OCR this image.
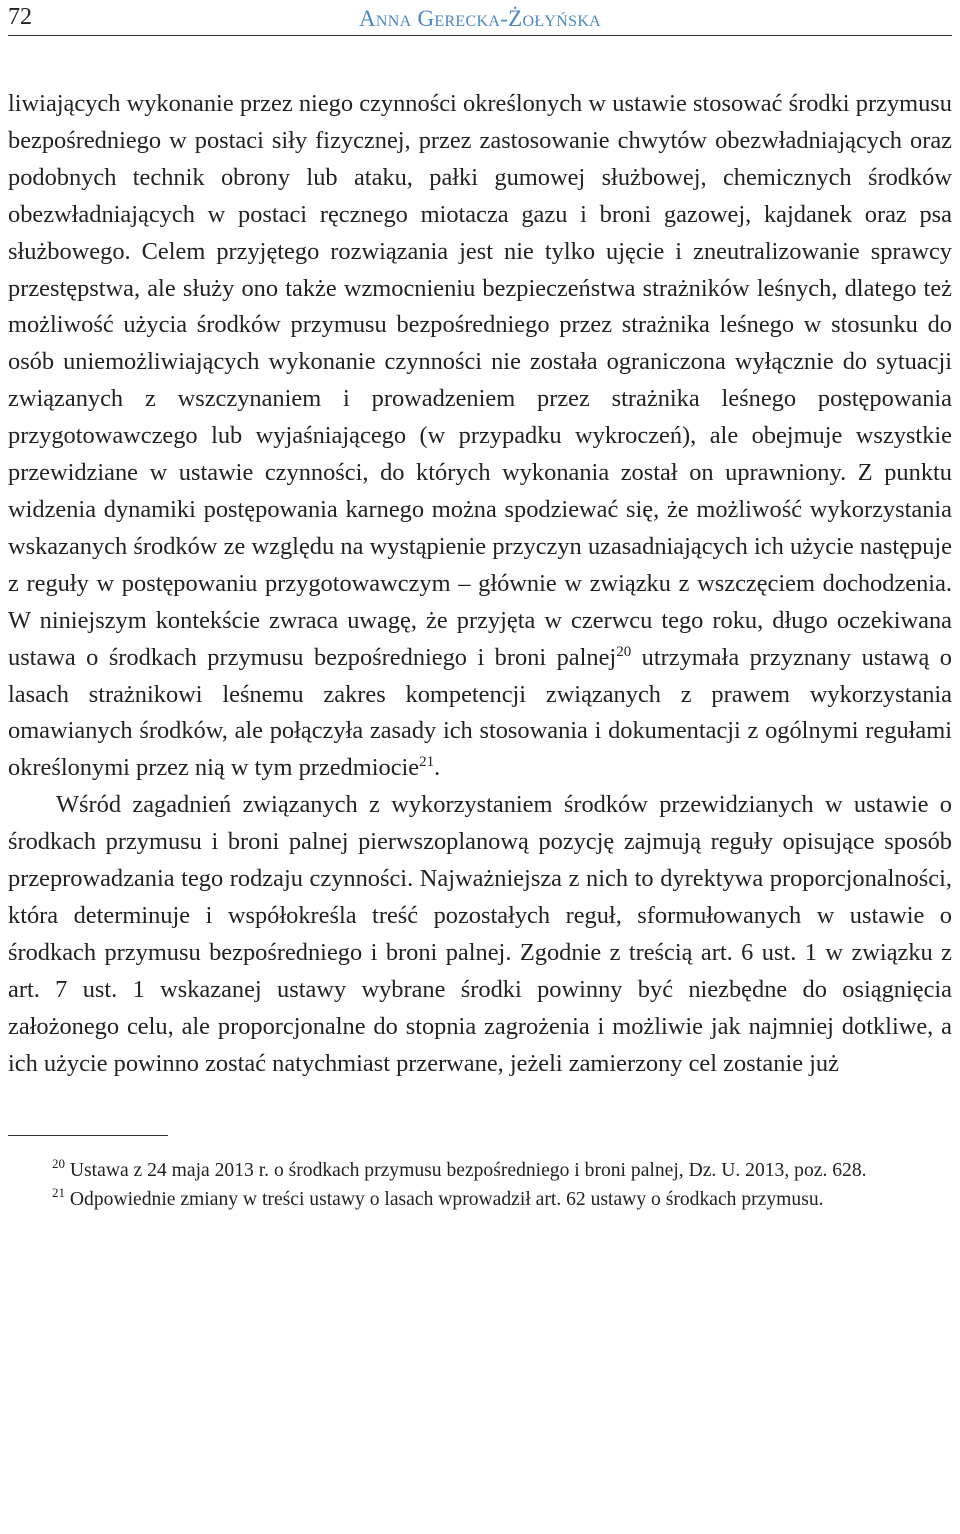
72	Anna Gerecka-Żołyńska

liwiających wykonanie przez niego czynności określonych w ustawie stosować środki przymusu bezpośredniego w postaci siły fizycznej, przez zastosowanie chwytów obezwładniających oraz podobnych technik obrony lub ataku, pałki gumowej służbowej, chemicznych środków obezwładniających w postaci ręcznego miotacza gazu i broni gazowej, kajdanek oraz psa służbowego. Celem przyjętego rozwiązania jest nie tylko ujęcie i zneutralizowanie sprawcy przestępstwa, ale służy ono także wzmocnieniu bezpieczeństwa strażników leśnych, dlatego też możliwość użycia środków przymusu bezpośredniego przez strażnika leśnego w stosunku do osób uniemożliwiających wykonanie czynności nie została ograniczona wyłącznie do sytuacji związanych z wszczynaniem i prowadzeniem przez strażnika leśnego postępowania przygotowawczego lub wyjaśniającego (w przypadku wykroczeń), ale obejmuje wszystkie przewidziane w ustawie czynności, do których wykonania został on uprawniony. Z punktu widzenia dynamiki postępowania karnego można spodziewać się, że możliwość wykorzystania wskazanych środków ze względu na wystąpienie przyczyn uzasadniających ich użycie następuje z reguły w postępowaniu przygotowawczym – głównie w związku z wszczęciem dochodzenia. W niniejszym kontekście zwraca uwagę, że przyjęta w czerwcu tego roku, długo oczekiwana ustawa o środkach przymusu bezpośredniego i broni palnej$^{20}$ utrzymała przyznany ustawą o lasach strażnikowi leśnemu zakres kompetencji związanych z prawem wykorzystania omawianych środków, ale połączyła zasady ich stosowania i dokumentacji z ogólnymi regułami określonymi przez nią w tym przedmiocie$^{21}$.

Wśród zagadnień związanych z wykorzystaniem środków przewidzianych w ustawie o środkach przymusu i broni palnej pierwszoplanową pozycję zajmują reguły opisujące sposób przeprowadzania tego rodzaju czynności. Najważniejsza z nich to dyrektywa proporcjonalności, która determinuje i współokreśla treść pozostałych reguł, sformułowanych w ustawie o środkach przymusu bezpośredniego i broni palnej. Zgodnie z treścią art. 6 ust. 1 w związku z art. 7 ust. 1 wskazanej ustawy wybrane środki powinny być niezbędne do osiągnięcia założonego celu, ale proporcjonalne do stopnia zagrożenia i możliwie jak najmniej dotkliwe, a ich użycie powinno zostać natychmiast przerwane, jeżeli zamierzony cel zostanie już

$^{20}$ Ustawa z 24 maja 2013 r. o środkach przymusu bezpośredniego i broni palnej, Dz. U. 2013, poz. 628.

$^{21}$ Odpowiednie zmiany w treści ustawy o lasach wprowadził art. 62 ustawy o środkach przymusu.
